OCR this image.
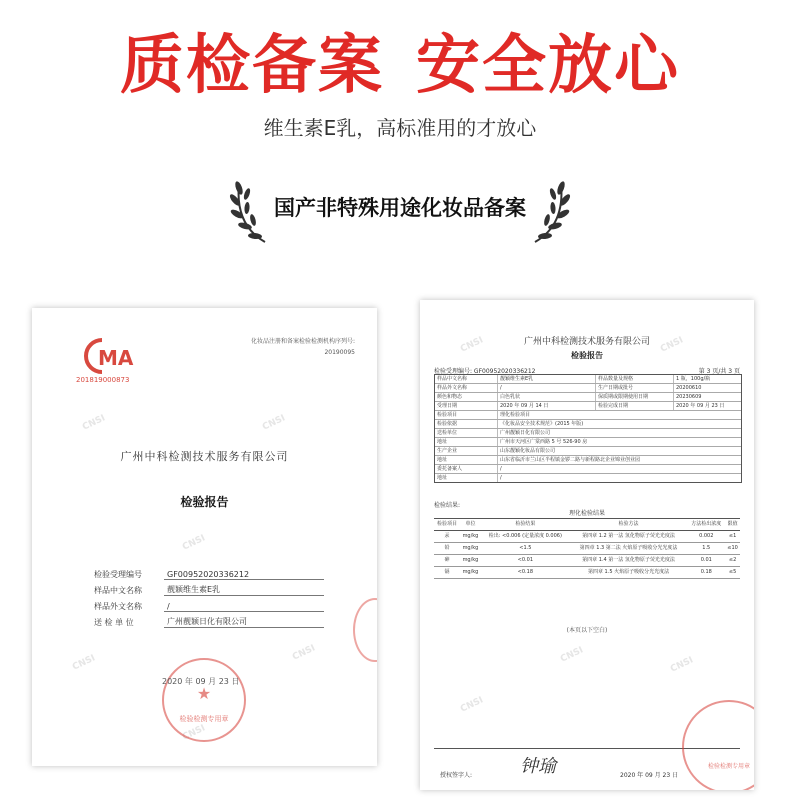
质检备案 安全放心
维生素E乳，高标准用的才放心
国产非特殊用途化妆品备案
CNSI	CNSI
CNSI
CNSI
CNSI
CNSI
MA
201819000873
化妆品注册和备案检验检测机构序列号:
20190095
广州中科检测技术服务有限公司
检验报告
检验受理编号	GF00952020336212
样品中文名称	靓颖维生素E乳
样品外文名称	/
送 检 单 位	广州靓颖日化有限公司
★
检验检测专用章
2020 年 09 月 23 日
CNSI	CNSI
CNSI
CNSI
CNSI
广州中科检测技术服务有限公司
检验报告
检验受理编号: GF00952020336212	第 3 页/共 3 页
样品中文名称	靓颖维生素E乳	样品数量及规格	1 瓶，100g/瓶
样品外文名称	/	生产日期或批号	20200610
颜色和物态	白色乳状	保质期或限期使用日期	20230609
受理日期	2020 年 09 月 14 日	检验完成日期	2020 年 09 月 23 日
检验项目	理化检验项目
检验依据	《化妆品安全技术规范》(2015 年版)
送检单位	广州靓颖日化有限公司
地址	广州市天河区广棠西路 5 号 526-90 房
生产企业	山东靓颖化妆品有限公司
地址	山东省临沂市兰山区半程镇金锣二路与新程路北企业锦业创业园
委托备案人	/
地址	/
检验结果:
理化检验结果
检验项目	单位	检验结果	检验方法	方法检出浓度	限值
汞	mg/kg	检出: <0.006 (定量浓度 0.006)	第四章 1.2 第一法 氢化物原子荧光光度法	0.002	≤1
铅	mg/kg	<1.5	第四章 1.3 第二法 火焰原子吸收分光光度法	1.5	≤10
砷	mg/kg	<0.01	第四章 1.4 第一法 氢化物原子荧光光度法	0.01	≤2
镉	mg/kg	<0.18	第四章 1.5 火焰原子吸收分光光度法	0.18	≤5
(本页以下空白)
授权签字人:	钟瑜	2020 年 09 月 23 日
检验检测专用章
